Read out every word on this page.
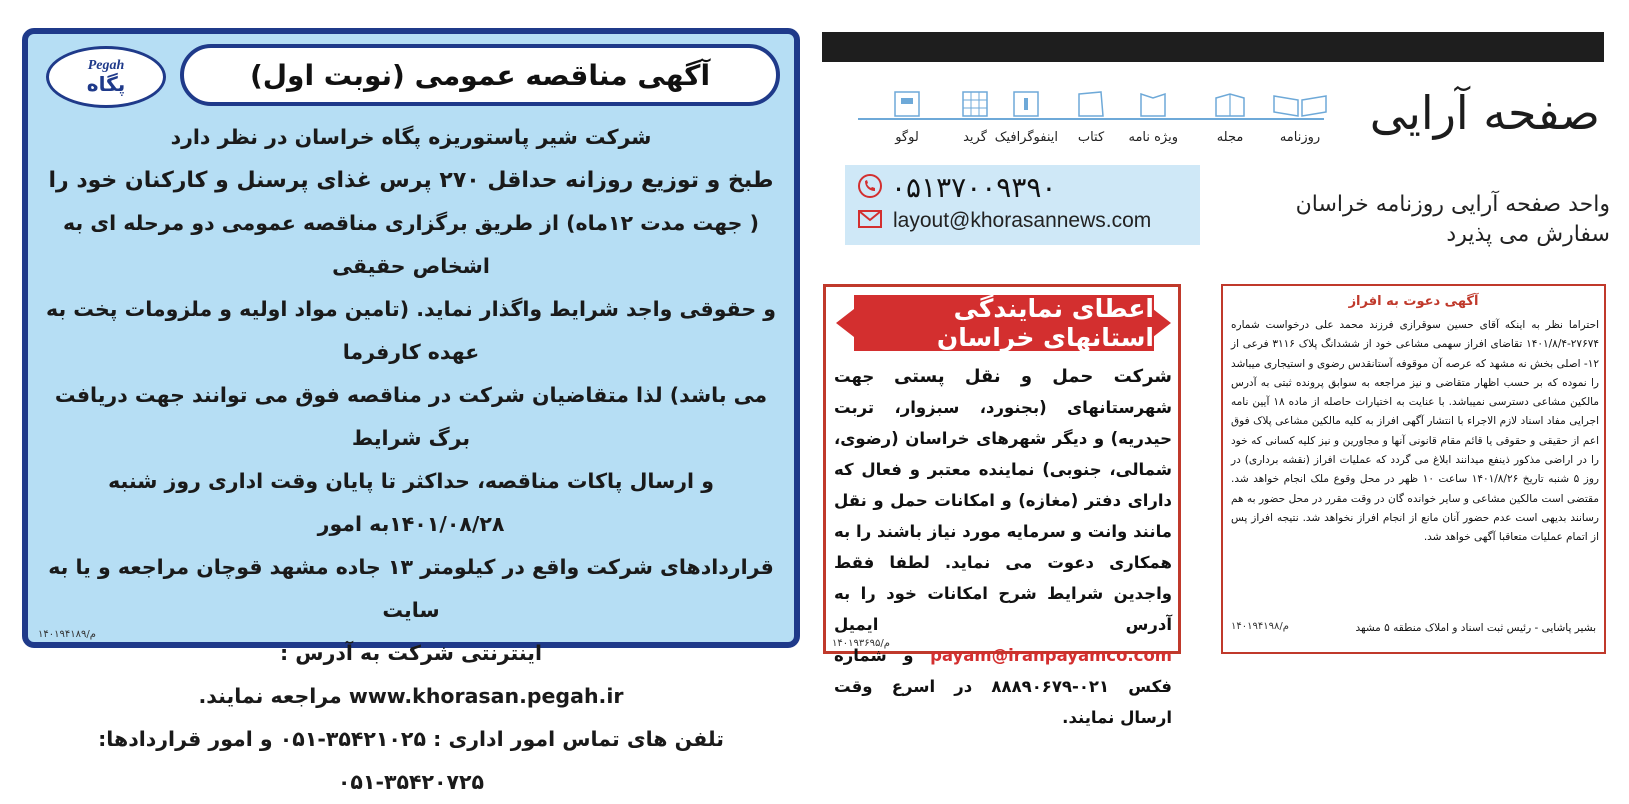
آگهی مناقصه عمومی (نوبت اول)
Pegah
پگاه
شرکت شیر پاستوریزه پگاه خراسان در نظر دارد
طبخ و توزیع روزانه حداقل ۲۷۰ پرس غذای پرسنل و کارکنان خود را
( جهت مدت ۱۲ماه) از طریق برگزاری مناقصه عمومی دو مرحله ای به اشخاص حقیقی
و حقوقی واجد شرایط واگذار نماید. (تامین مواد اولیه و ملزومات پخت به عهده کارفرما
می باشد) لذا متقاضیان شرکت در مناقصه فوق می توانند جهت دریافت برگ شرایط
و ارسال پاکات مناقصه، حداکثر تا پایان وقت اداری روز شنبه ۱۴۰۱/۰۸/۲۸به امور
قراردادهای شرکت واقع در کیلومتر ۱۳ جاده مشهد قوچان مراجعه و یا به سایت
اینترنتی شرکت به آدرس :
www.khorasan.pegah.ir مراجعه نمایند.
تلفن های تماس امور اداری : ۳۵۴۲۱۰۲۵-۰۵۱ و امور قراردادها: ۳۵۴۲۰۷۲۵-۰۵۱
۱۴۰۱۹۴۱۸۹/م
صفحه آرایی
روزنامه
مجله
ویژه نامه
کتاب
اینفوگرافیک
گرید
لوگو
۰۵۱۳۷۰۰۹۳۹۰
layout@khorasannews.com
واحد صفحه آرایی روزنامه خراسان
سفارش می پذیرد
اعطای نمایندگی استانهای خراسان
شرکت حمل و نقل پستی جهت شهرستانهای (بجنورد، سبزوار، تربت حیدریه) و دیگر شهرهای خراسان (رضوی، شمالی، جنوبی) نماینده معتبر و فعال که دارای دفتر (مغازه) و امکانات حمل و نقل مانند وانت و سرمایه مورد نیاز باشند را به همکاری دعوت می نماید. لطفا فقط واجدین شرایط شرح امکانات خود را به آدرس ایمیل payam@iranpayamco.com و شماره فکس ۰۲۱-۸۸۸۹۰۶۷۹ در اسرع وقت ارسال نمایند.
۱۴۰۱۹۳۶۹۵/م
آگهی دعوت به افراز
احتراما نظر به اینکه آقای حسین سوقرازی فرزند محمد علی درخواست شماره ۲۷۶۷۴-۱۴۰۱/۸/۴ تقاضای افراز سهمی مشاعی خود از ششدانگ پلاک ۳۱۱۶ فرعی از ۱۲- اصلی بخش نه مشهد که عرصه آن موقوفه آستانقدس رضوی و استیجاری میباشد را نموده که بر حسب اظهار متقاضی و نیز مراجعه به سوابق پرونده ثبتی به آدرس مالکین مشاعی دسترسی نمیباشد. با عنایت به اختیارات حاصله از ماده ۱۸ آیین نامه اجرایی مفاد اسناد لازم الاجراء با انتشار آگهی افراز به کلیه مالکین مشاعی پلاک فوق اعم از حقیقی و حقوقی یا قائم مقام قانونی آنها و مجاورین و نیز کلیه کسانی که خود را در اراضی مذکور ذینفع میدانند ابلاغ می گردد که عملیات افراز (نقشه برداری) در روز ۵ شنبه تاریخ ۱۴۰۱/۸/۲۶ ساعت ۱۰ ظهر در محل وقوع ملک انجام خواهد شد. مقتضی است مالکین مشاعی و سایر خوانده گان در وقت مقرر در محل حضور به هم رسانند بدیهی است عدم حضور آنان مانع از انجام افراز نخواهد شد. نتیجه افراز پس از اتمام عملیات متعاقبا آگهی خواهد شد.
بشیر پاشایی - رئیس ثبت اسناد و املاک منطقه ۵ مشهد
۱۴۰۱۹۴۱۹۸/م
